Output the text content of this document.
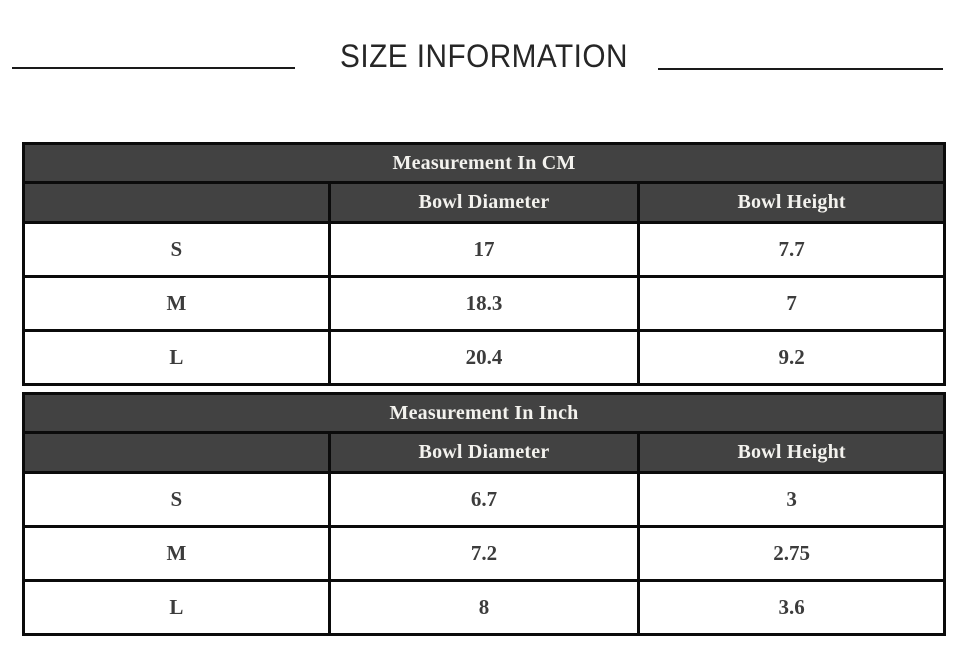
SIZE INFORMATION
Measurement In CM		
	Bowl Diameter	Bowl Height
S	17	7.7
M	18.3	7
L	20.4	9.2
Measurement In Inch		
	Bowl Diameter	Bowl Height
S	6.7	3
M	7.2	2.75
L	8	3.6
